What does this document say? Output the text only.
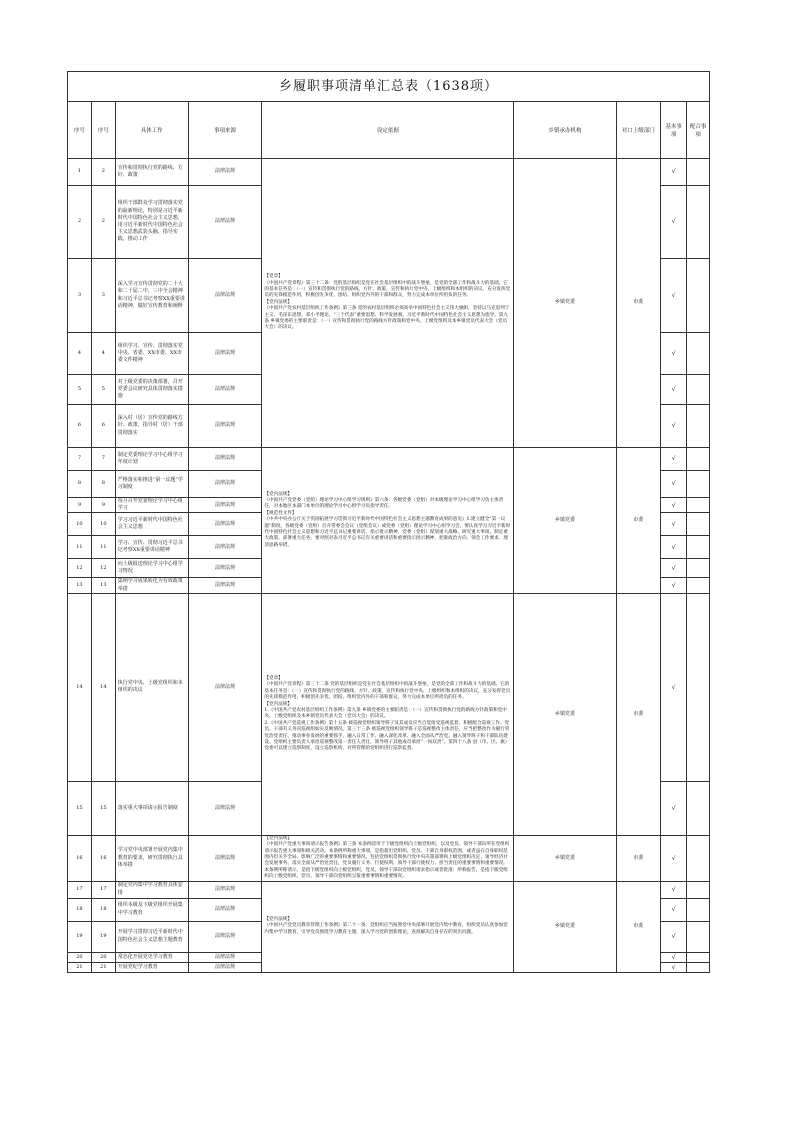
乡履职事项清单汇总表（1638项）
序号	序号	具体工作	事项来源	设定依据	乡镇承办机构	对口上级部门	基本事项	配合事项
1	2	宣传和贯彻执行党的路线、方针、政策	法律法规	【党章】
《中国共产党章程》第三十二条：党的基层组织是党在社会基层组织中的战斗堡垒，是党的全部工作和战斗力的基础。它的基本任务是：（一）宣传和贯彻执行党的路线、方针、政策，宣传和执行党中央、上级组织和本组织的决议，充分发挥党员的先锋模范作用，积极创先争优，团结、组织党内外的干部和群众，努力完成本单位所担负的任务。
【党内法规】
《中国共产党农村基层组织工作条例》第三条 党的农村基层组织必须高举中国特色社会主义伟大旗帜，坚持以马克思列宁主义、毛泽东思想、邓小平理论、“三个代表”重要思想、科学发展观、习近平新时代中国特色社会主义思想为指导。第九条 乡镇党委的主要职责是：（一）宣传和贯彻执行党的路线方针政策和党中央、上级党组织及本乡镇党员代表大会（党员大会）的决议。	乡镇党委	市委	√	
2	2	组织干部群众学习贯彻落实党的最新理论，特别是习近平新时代中国特色社会主义思想，用习近平新时代中国特色社会主义思想武装头脑、指导实践、推动工作	法律法规				√	
3	3	深入学习宣传贯彻党的二十大和二十届二中、三中全会精神和习近平总书记考察XX重要讲话精神，做好宣传教育和阐释	法律法规				√	
4	4	组织学习、宣传、贯彻落实党中央、省委、XX市委、XX市委文件精神	法律法规				√	
5	5	对上级党委的决策部署，召开党委会议研究具体贯彻落实措施	法律法规				√	
6	6	深入村（居）宣传党的路线方针、政策，指导村（居）干部贯彻落实	法律法规				√	
7	7	制定党委理论学习中心组学习年度计划	法律法规	【党内法规】
《中国共产党党委（党组）理论学习中心组学习规则》第六条：各级党委（党组）对本级理论学习中心组学习负主体责任，对本地区本部门本单位的理论学习中心组学习负指导责任。
【规范性文件】
《中共中央办公厅关于巩固拓展学习贯彻习近平新时代中国特色社会主义思想主题教育成果的意见》1.建立健全“第一议题”制度。各级党委（党组）召开常委会会议（党组会议）或党委（党组）理论学习中心组学习会，要认真学习习近平新时代中国特色社会主义思想和习近平总书记重要讲话、指示批示精神，党委（党组）谋划重大战略、研究重大事项、制定重大政策、部署重大任务，要对照对表习近平总书记有关重要讲话和重要指示批示精神，把准政治方向、领会工作要求、理清思路举措。	乡镇党委	市委	√	
8	8	严格落实和推进“第一议题”学习制度	法律法规				√	
9	9	每月召开党委理论学习中心组学习	法律法规				√	
10	10	学习习近平新时代中国特色社会主义思想	法律法规				√	
11	11	学习、宣传、贯彻习近平总书记考察XX重要讲话精神	法律法规				√	
12	12	向上级报送理论学习中心组学习情况	法律法规				√	
13	13	集纳学习成果转化为有效政策举措	法律法规				√	
14	14	执行党中央、上级党组织和本组织的决议	法律法规	【党章】
《中国共产党章程》第三十二条 党的基层组织是党在社会基层组织中的战斗堡垒，是党的全部工作和战斗力的基础。它的基本任务是：（一）宣传和贯彻执行党的路线、方针、政策，宣传和执行党中央、上级组织和本组织的决议，充分发挥党员的先锋模范作用，积极创先争优，团结、组织党内外的干部和群众，努力完成本单位所担负的任务。
【党内法规】
1.《中国共产党农村基层组织工作条例》第九条 乡镇党委的主要职责是：（一）宣传和贯彻执行党的路线方针政策和党中央、上级党组织及本乡镇党员代表大会（党员大会）的决议。
2.《中国共产党巡视工作条例》第十五条 被巡视党组织领导班子及其成员应当自觉接受巡视监督，积极配合巡视工作。党员、干部有义务向巡视组如实反映情况。第三十三条 被巡视党组织领导班子是巡视整改主体责任，应当把整改作为履行管党治党责任、推动事业发展的重要抓手，融入日常工作、融入深化改革、融入全面从严治党、融入领导班子和干部队伍建设。党组织主要负责人承担巡视整改第一责任人责任，领导班子其他成员承担“一岗双责”。第四十八条 县（市、区、旗）党委可以建立巡察制度，设立巡察机构，对所管理的党组织进行巡察监督。	乡镇党委	市委	√	
15	15	落实重大事项请示报告制度	法律法规				√	
16	16	学习党中央部署开展党内集中教育的要求，研究贯彻执行具体举措	法律法规	【党内法规】
《中国共产党重大事项请示报告条例》第三条 本条例适用于下级党组织向上级党组织，以及党员、领导干部向所在党组织请示报告重大事项和相关活动。本条例所称重大事项，是指超出党组织、党员、干部自身职权范围，或者虽在自身职权范围内但关乎全局、影响广泛的重要事情和重要情况，包括党组织贯彻执行党中央决策部署和上级党组织决定、领导经济社会发展事务、落实全面从严治党责任，党员履行义务、行使权利，领导干部行使权力、担当责任的重要事情和重要情况。本条例所称请示，是指下级党组织向上级党组织，党员、领导干部向党组织请求指示或者批准；所称报告，是指下级党组织向上级党组织，党员、领导干部向党组织呈报重要事情和重要情况。	乡镇党委	市委	√	
17	17	制定党内集中学习教育具体安排	法律法规	【党内法规】
《中国共产党党员教育管理工作条例》第二十一条：党组织应当按照党中央部署开展党内集中教育，组织党员认真参加党内集中学习教育，引导党员围绕学习教育主题，深入学习党的创新理论，查找解决自身存在的突出问题。	乡镇党委	市委	√	
18	18	组织本级及下级党组织开展集中学习教育	法律法规				√	
19	19	开展学习贯彻习近平新时代中国特色社会主义思想主题教育	法律法规				√	
20	20	常态化开展党史学习教育	法律法规				√	
21	21	开展党纪学习教育	法律法规				√	
